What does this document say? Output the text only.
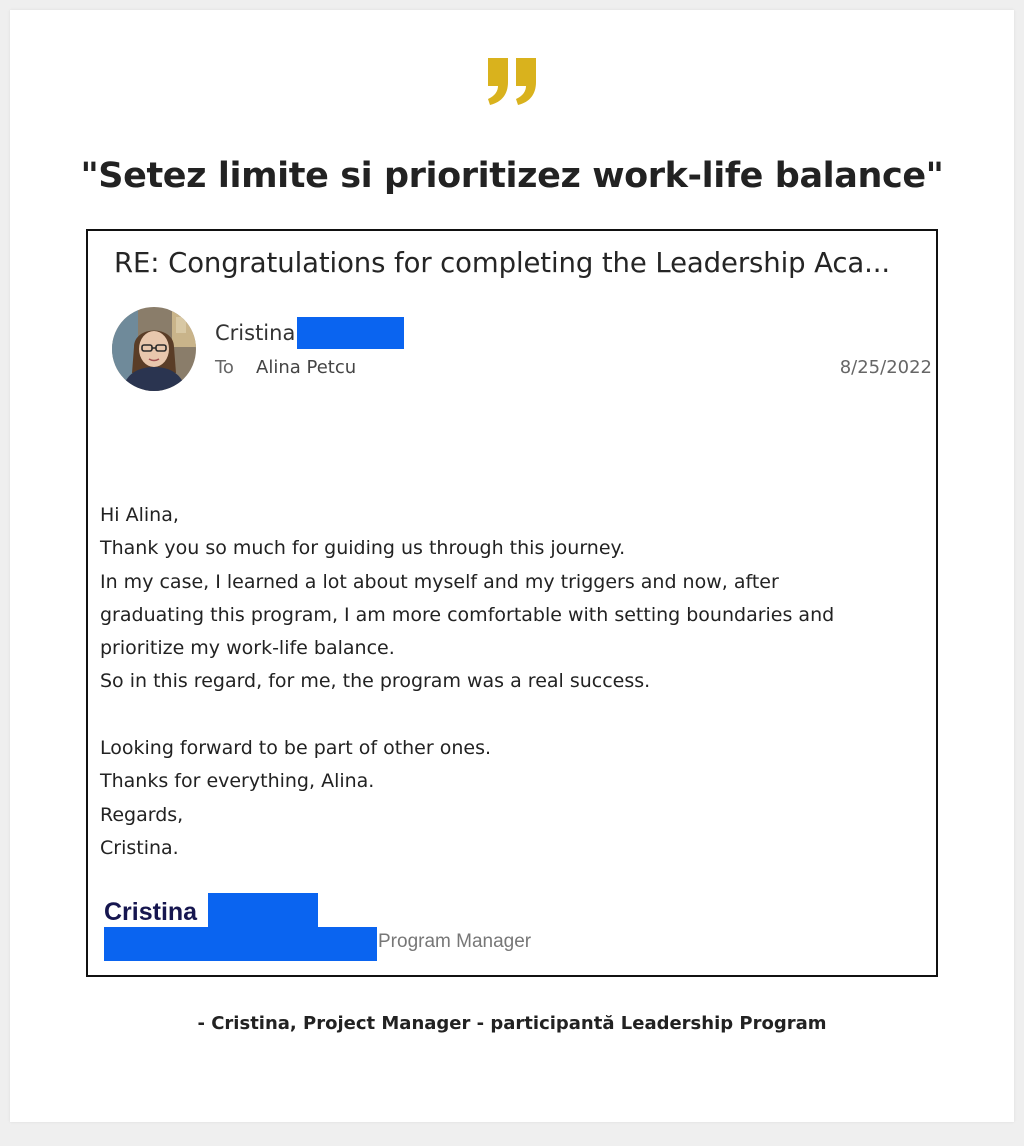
"Setez limite si prioritizez work-life balance"
RE: Congratulations for completing the Leadership Aca...
Cristina
To Alina Petcu	8/25/2022
Hi Alina,
Thank you so much for guiding us through this journey.
In my case, I learned a lot about myself and my triggers and now, after
graduating this program, I am more comfortable with setting boundaries and
prioritize my work-life balance.
So in this regard, for me, the program was a real success.
Looking forward to be part of other ones.
Thanks for everything, Alina.
Regards,
Cristina.
Cristina
Program Manager
- Cristina, Project Manager - participantă Leadership Program
